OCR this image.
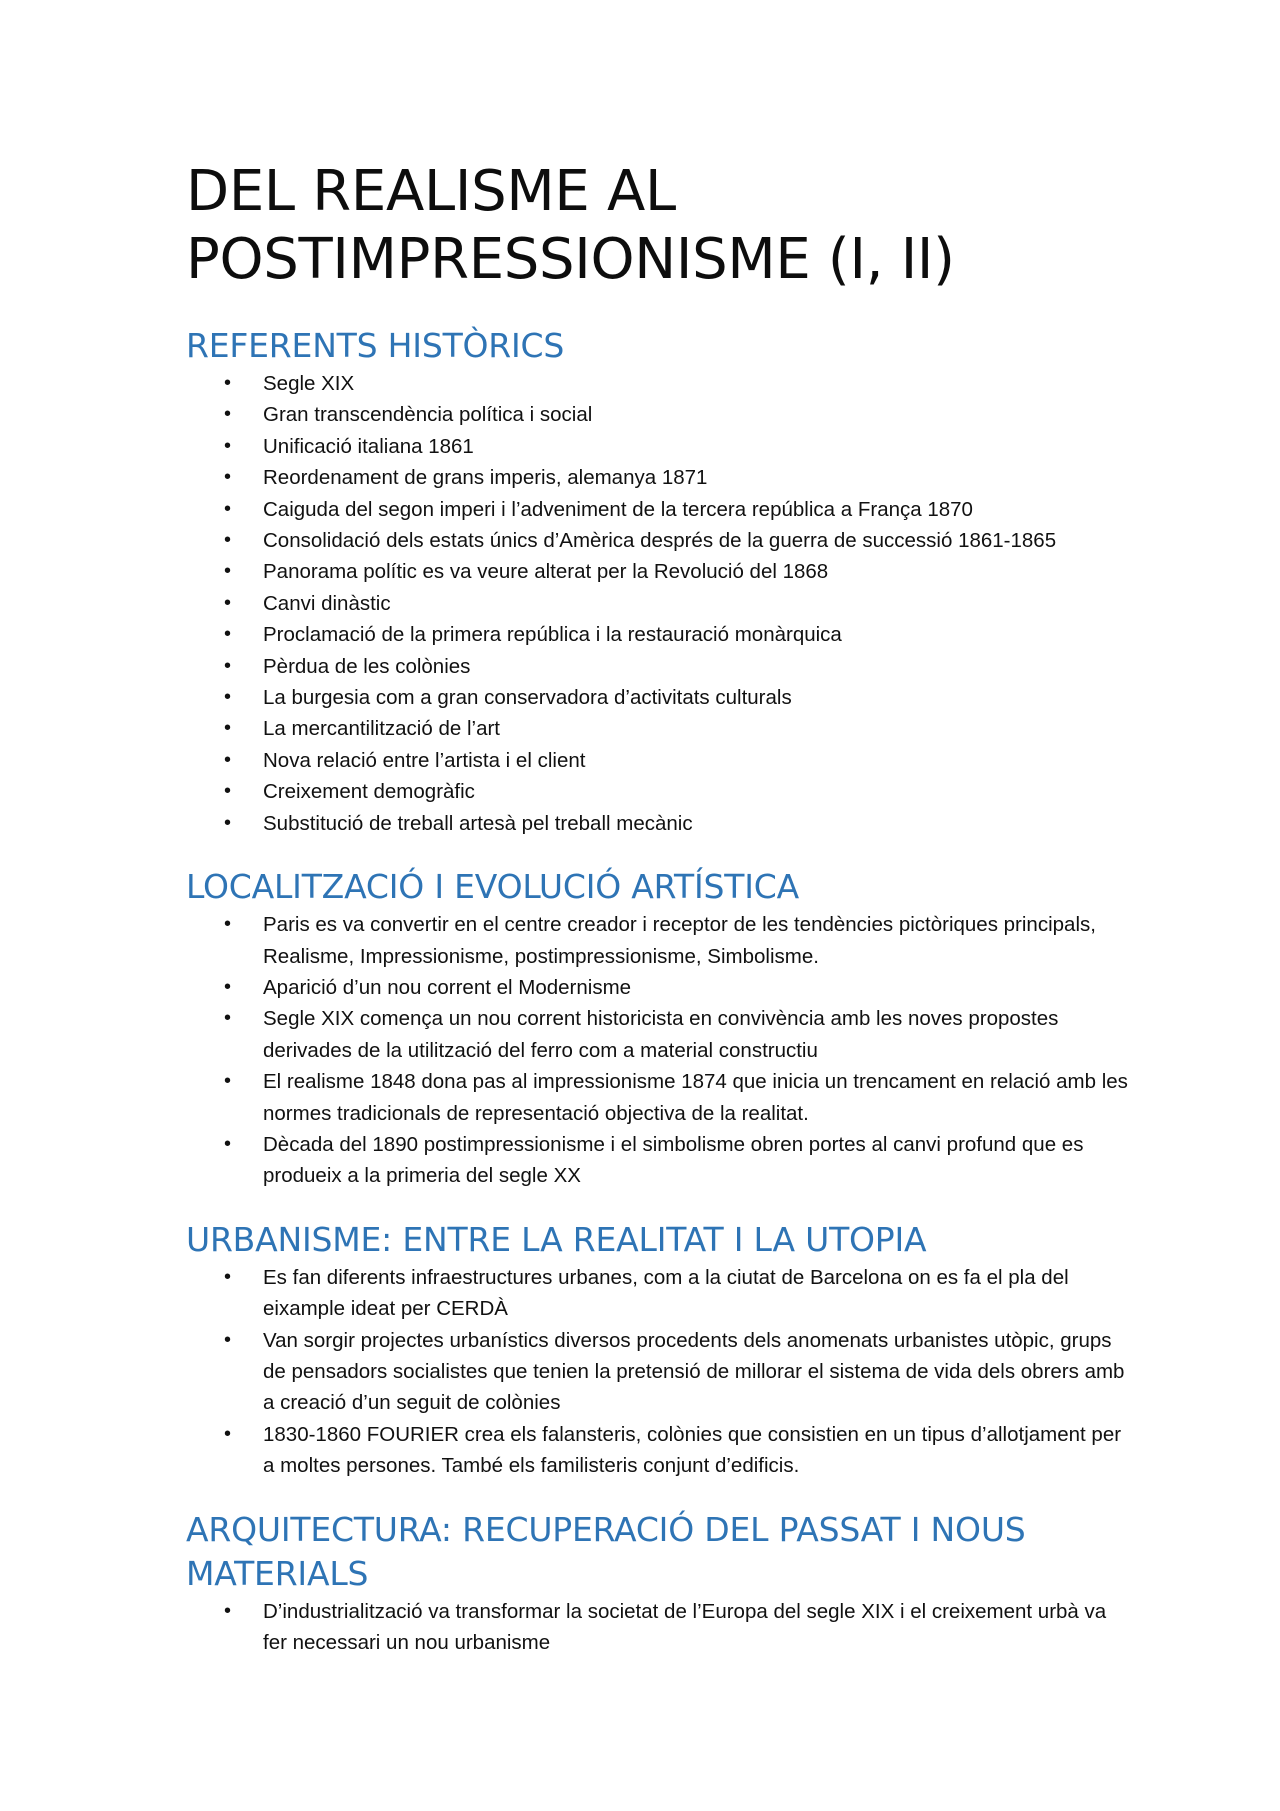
DEL REALISME AL POSTIMPRESSIONISME (I, II)
REFERENTS HISTÒRICS
• Segle XIX
• Gran transcendència política i social
• Unificació italiana 1861
• Reordenament de grans imperis, alemanya 1871
• Caiguda del segon imperi i l’adveniment de la tercera república a França 1870
• Consolidació dels estats únics d’Amèrica després de la guerra de successió 1861-1865
• Panorama polític es va veure alterat per la Revolució del 1868
• Canvi dinàstic
• Proclamació de la primera república i la restauració monàrquica
• Pèrdua de les colònies
• La burgesia com a gran conservadora d’activitats culturals
• La mercantilització de l’art
• Nova relació entre l’artista i el client
• Creixement demogràfic
• Substitució de treball artesà pel treball mecànic
LOCALITZACIÓ I EVOLUCIÓ ARTÍSTICA
• Paris es va convertir en el centre creador i receptor de les tendències pictòriques principals, Realisme, Impressionisme, postimpressionisme, Simbolisme.
• Aparició d’un nou corrent el Modernisme
• Segle XIX comença un nou corrent historicista en convivència amb les noves propostes derivades de la utilització del ferro com a material constructiu
• El realisme 1848 dona pas al impressionisme 1874 que inicia un trencament en relació amb les normes tradicionals de representació objectiva de la realitat.
• Dècada del 1890 postimpressionisme i el simbolisme obren portes al canvi profund que es produeix a la primeria del segle XX
URBANISME: ENTRE LA REALITAT I LA UTOPIA
• Es fan diferents infraestructures urbanes, com a la ciutat de Barcelona on es fa el pla del eixample ideat per CERDÀ
• Van sorgir projectes urbanístics diversos procedents dels anomenats urbanistes utòpic, grups de pensadors socialistes que tenien la pretensió de millorar el sistema de vida dels obrers amb a creació d’un seguit de colònies
• 1830-1860 FOURIER crea els falansteris, colònies que consistien en un tipus d’allotjament per a moltes persones. També els familisteris conjunt d’edificis.
ARQUITECTURA: RECUPERACIÓ DEL PASSAT I NOUS MATERIALS
• D’industrialització va transformar la societat de l’Europa del segle XIX i el creixement urbà va fer necessari un nou urbanisme
